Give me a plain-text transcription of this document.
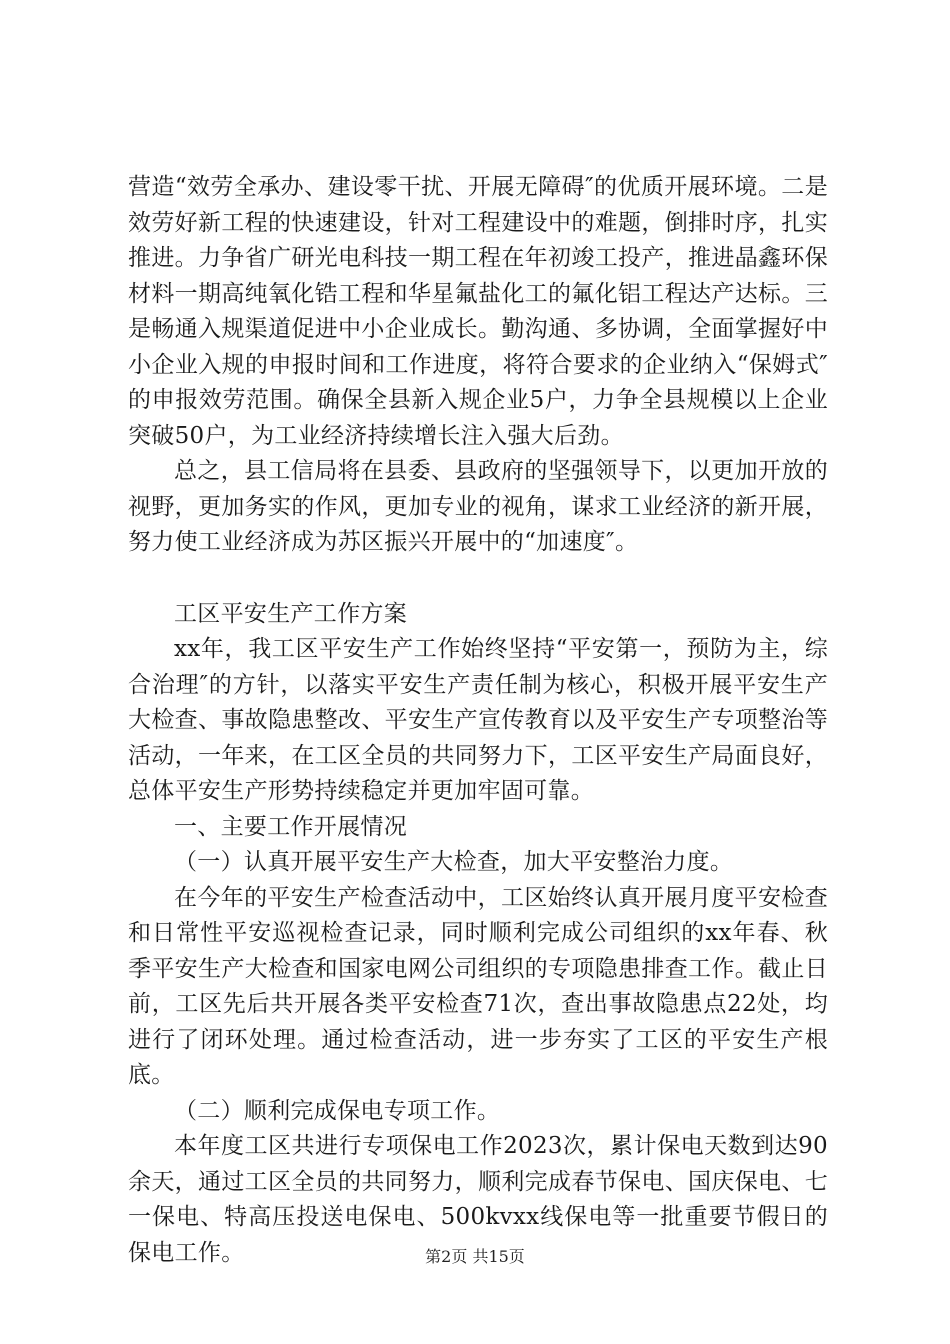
营造“效劳全承办、建设零干扰、开展无障碍″的优质开展环境。二是效劳好新工程的快速建设，针对工程建设中的难题，倒排时序，扎实推进。力争省广研光电科技一期工程在年初竣工投产，推进晶鑫环保材料一期高纯氧化锆工程和华星氟盐化工的氟化铝工程达产达标。三是畅通入规渠道促进中小企业成长。勤沟通、多协调，全面掌握好中小企业入规的申报时间和工作进度，将符合要求的企业纳入“保姆式″的申报效劳范围。确保全县新入规企业5户，力争全县规模以上企业突破50户，为工业经济持续增长注入强大后劲。

总之，县工信局将在县委、县政府的坚强领导下，以更加开放的视野，更加务实的作风，更加专业的视角，谋求工业经济的新开展，努力使工业经济成为苏区振兴开展中的“加速度″。

工区平安生产工作方案

xx年，我工区平安生产工作始终坚持“平安第一，预防为主，综合治理″的方针，以落实平安生产责任制为核心，积极开展平安生产大检查、事故隐患整改、平安生产宣传教育以及平安生产专项整治等活动，一年来，在工区全员的共同努力下，工区平安生产局面良好，总体平安生产形势持续稳定并更加牢固可靠。

一、主要工作开展情况

（一）认真开展平安生产大检查，加大平安整治力度。

在今年的平安生产检查活动中，工区始终认真开展月度平安检查和日常性平安巡视检查记录，同时顺利完成公司组织的xx年春、秋季平安生产大检查和国家电网公司组织的专项隐患排查工作。截止日前，工区先后共开展各类平安检查71次，查出事故隐患点22处，均进行了闭环处理。通过检查活动，进一步夯实了工区的平安生产根底。

（二）顺利完成保电专项工作。

本年度工区共进行专项保电工作2023次，累计保电天数到达90余天，通过工区全员的共同努力，顺利完成春节保电、国庆保电、七一保电、特高压投送电保电、500kvxx线保电等一批重要节假日的保电工作。	第2页 共15页
